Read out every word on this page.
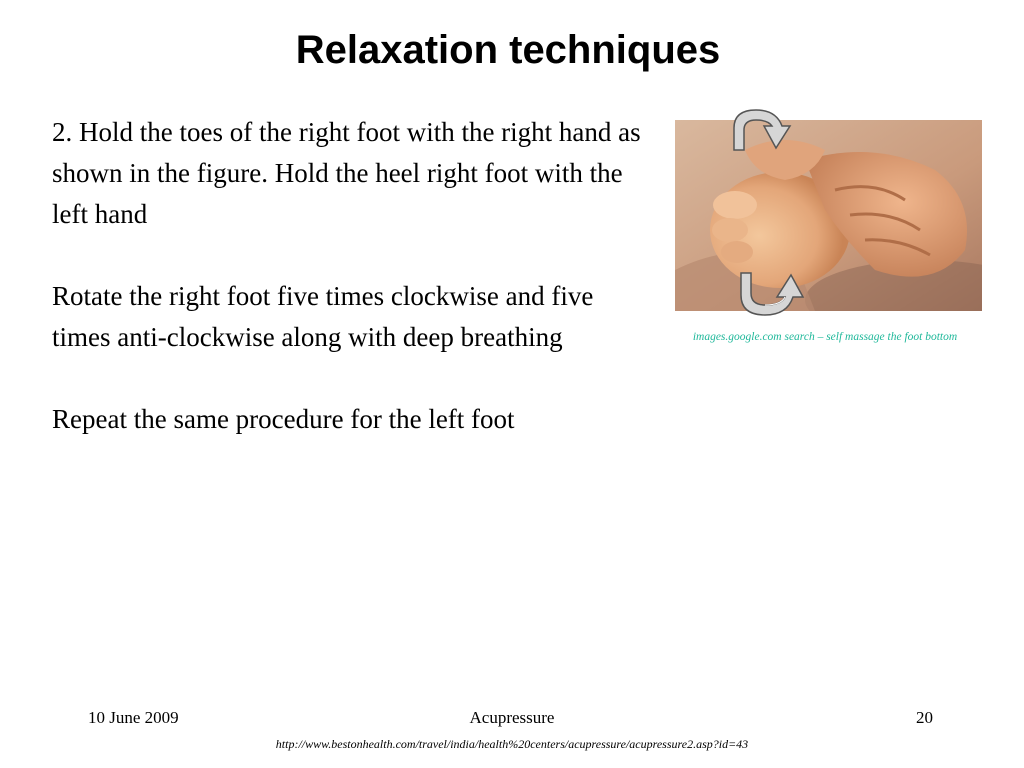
Relaxation techniques

2. Hold the toes of the right foot with the right hand as shown in the figure. Hold the heel right foot with the left hand

Rotate the right foot five times clockwise and five times anti-clockwise along with deep breathing

Repeat the same procedure for the left foot

images.google.com search – self massage the foot bottom
10 June 2009	Acupressure	20
http://www.bestonhealth.com/travel/india/health%20centers/acupressure/acupressure2.asp?id=43
